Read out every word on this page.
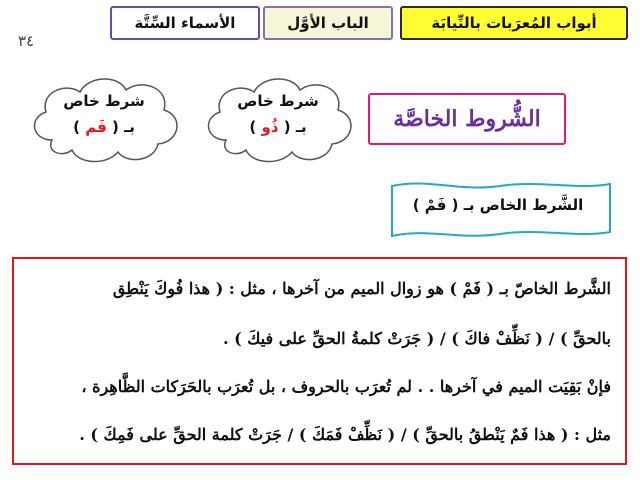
أبواب المُعرَبات بالنِّيابَة
الباب الأوَّل
الأسماء السِّتَّة
٣٤
شرط خاص
بـ ( ذُو )
شرط خاص
بـ ( فَم )	الشُّروط الخاصَّة
الشَّرط الخاص بـ ( فَمْ )
الشَّرط الخاصّ بـ ( فَمْ ) هو زوال الميم من آخرها ، مثل : ( هذا فُوكَ يَنْطِق
بالحقِّ ) / ( نَظِّفْ فاكَ ) / ( جَرَتْ كلمةُ الحقِّ على فيكَ ) .
فإنْ بَقِيَت الميم في آخرها . . لم تُعرَب بالحروف ، بل تُعرَب بالحَرَكات الظَّاهِرة ،
مثل : ( هذا فَمٌ يَنْطقُ بالحقِّ ) / ( نَظِّفْ فَمَكَ ) / جَرَتْ كلمة الحقِّ على فَمِكَ ) .
